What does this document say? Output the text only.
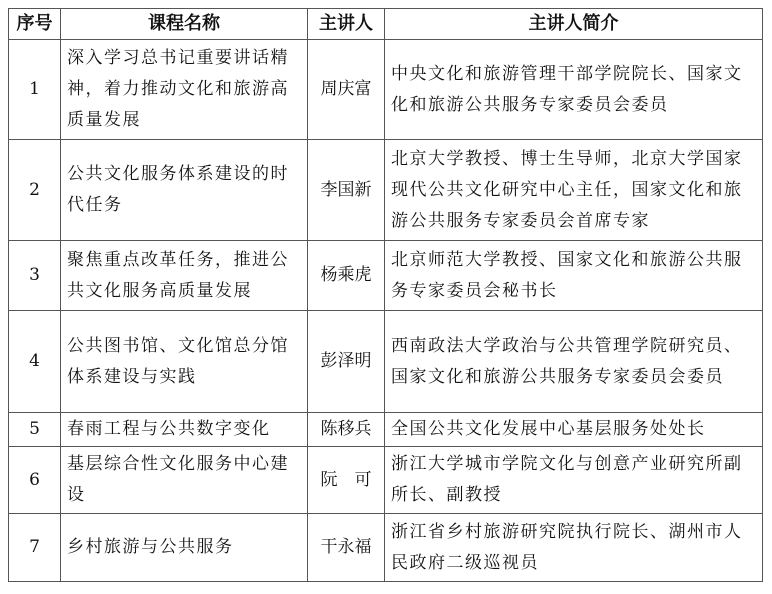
序号	课程名称	主讲人	主讲人简介
1	深入学习总书记重要讲话精神，着力推动文化和旅游高质量发展	周庆富	中央文化和旅游管理干部学院院长、国家文化和旅游公共服务专家委员会委员
2	公共文化服务体系建设的时代任务	李国新	北京大学教授、博士生导师，北京大学国家现代公共文化研究中心主任，国家文化和旅游公共服务专家委员会首席专家
3	聚焦重点改革任务，推进公共文化服务高质量发展	杨乘虎	北京师范大学教授、国家文化和旅游公共服务专家委员会秘书长
4	公共图书馆、文化馆总分馆体系建设与实践	彭泽明	西南政法大学政治与公共管理学院研究员、国家文化和旅游公共服务专家委员会委员
5	春雨工程与公共数字变化	陈移兵	全国公共文化发展中心基层服务处处长
6	基层综合性文化服务中心建设	阮　可	浙江大学城市学院文化与创意产业研究所副所长、副教授
7	乡村旅游与公共服务	干永福	浙江省乡村旅游研究院执行院长、湖州市人民政府二级巡视员
